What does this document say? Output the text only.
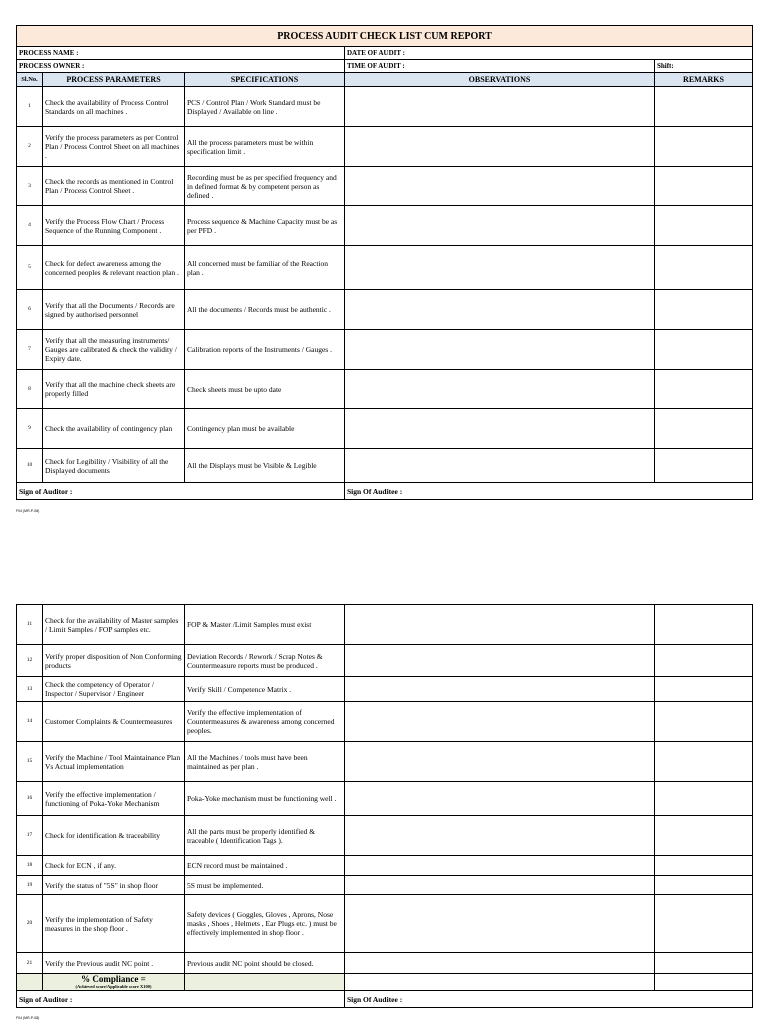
PROCESS AUDIT CHECK LIST CUM REPORT				
PROCESS NAME :			DATE OF AUDIT :	
PROCESS OWNER :			TIME OF AUDIT :	Shift:
Sl.No.	PROCESS PARAMETERS	SPECIFICATIONS	OBSERVATIONS	REMARKS
1	Check the availability of Process Control Standards on all machines .	PCS / Control Plan / Work Standard must be Displayed / Available on line .		
2	Verify the process parameters as per Control Plan / Process Control Sheet on all machines .	All the process parameters must be within specification limit .		
3	Check the records as mentioned in Control Plan / Process Control Sheet .	Recording must be as per specified frequency and in defined format & by competent person as defined .		
4	Verify the Process Flow Chart / Process Sequence of the Running Component .	Process sequence & Machine Capacity must be as per PFD .		
5	Check for defect awareness among the concerned peoples & relevant reaction plan .	All concerned must be familiar of the Reaction plan .		
6	Verify that all the Documents / Records are signed by authorised personnel	All the documents / Records must be authentic .		
7	Verify that all the measuring instruments/ Gauges are calibrated & check the validity / Expiry date.	Calibration reports of the Instruments / Gauges .		
8	Verify that all the machine check sheets are properly filled	Check sheets must be upto date		
9	Check the availability of contingency plan	Contingency plan must be available		
10	Check for Legibility / Visibility of all the Displayed documents	All the Displays must be Visible & Legible		
Sign of Auditor :			Sign Of Auditee :	
F04 (MR-P-08)
11	Check for the availability of Master samples / Limit Samples / FOP samples etc.	FOP & Master /Limit Samples must exist		
12	Verify proper disposition of Non Conforming products	Deviation Records / Rework / Scrap Notes & Countermeasure reports must be produced .		
13	Check the competency of Operator / Inspector / Supervisor / Engineer	Verify Skill / Competence Matrix .		
14	Customer Complaints & Countermeasures	Verify the effective implementation of Countermeasures & awareness among concerned peoples.		
15	Verify the Machine / Tool Maintainance Plan Vs Actual implementation	All the Machines / tools must have been maintained as per plan .		
16	Verify the effective implementation / functioning of Poka-Yoke Mechanism	Poka-Yoke mechanism must be functioning well .		
17	Check for identification & traceability	All the parts must be properly identified & traceable ( Identification Tags ).		
18	Check for ECN , if any.	ECN record must be maintained .		
19	Verify the status of "5S" in shop floor	5S must be implemented.		
20	Verify the implementation of Safety measures in the shop floor .	Safety devices ( Goggles, Gloves , Aprons, Nose masks , Shoes , Helmets , Ear Plugs etc. ) must be effectively implemented in shop floor .		
21	Verify the Previous audit NC point .	Previous audit NC point should be closed.		
	% Compliance =
(Achieved score/Applicable score X100)			

Sign of Auditor :			Sign Of Auditee :	
F04 (MR-P-08)
